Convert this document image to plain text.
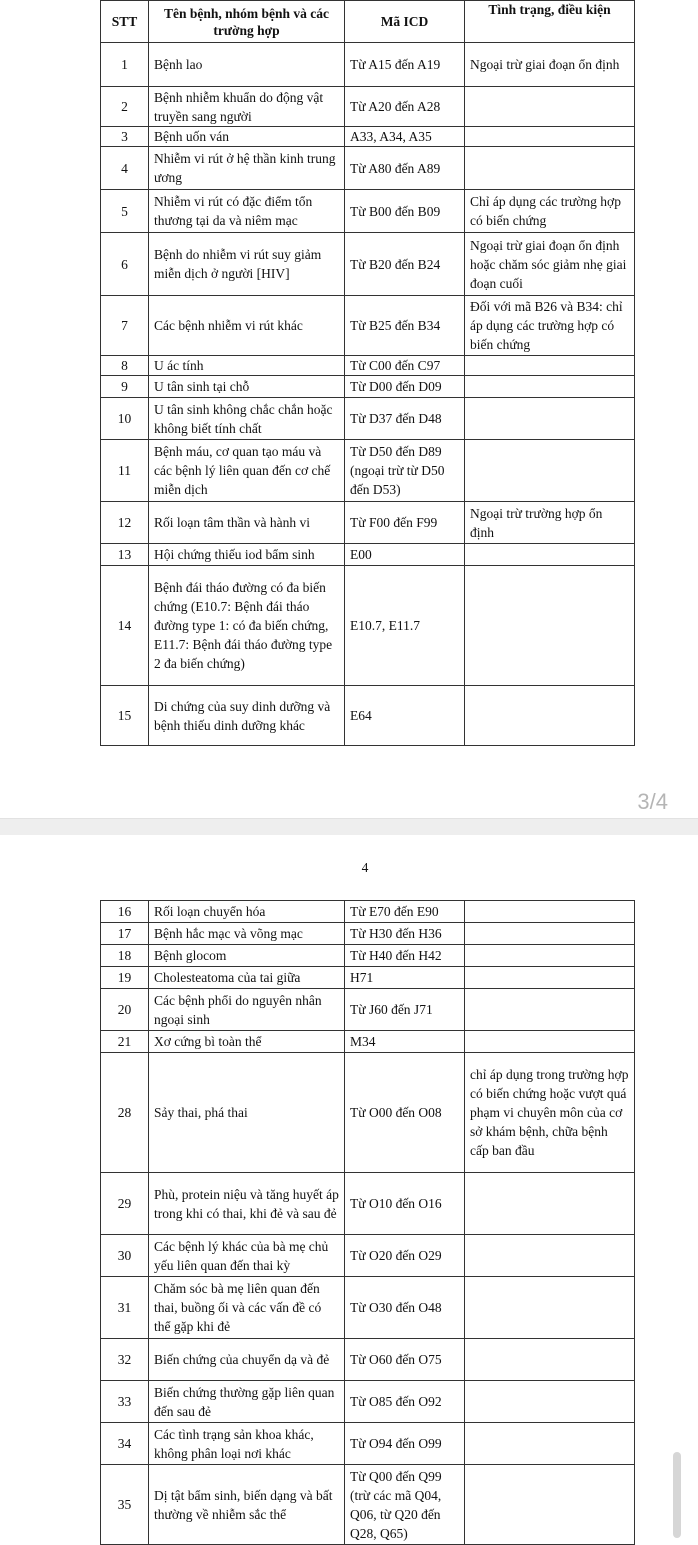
STT	Tên bệnh, nhóm bệnh và các trường hợp	Mã ICD	Tình trạng, điều kiện
1	Bệnh lao	Từ A15 đến A19	Ngoại trừ giai đoạn ổn định
2	Bệnh nhiễm khuẩn do động vật truyền sang người	Từ A20 đến A28	
3	Bệnh uốn ván	A33, A34, A35	
4	Nhiễm vi rút ở hệ thần kinh trung ương	Từ A80 đến A89	
5	Nhiễm vi rút có đặc điểm tổn thương tại da và niêm mạc	Từ B00 đến B09	Chỉ áp dụng các trường hợp có biến chứng
6	Bệnh do nhiễm vi rút suy giảm miễn dịch ở người [HIV]	Từ B20 đến B24	Ngoại trừ giai đoạn ổn định hoặc chăm sóc giảm nhẹ giai đoạn cuối
7	Các bệnh nhiễm vi rút khác	Từ B25 đến B34	Đối với mã B26 và B34: chỉ áp dụng các trường hợp có biến chứng
8	U ác tính	Từ C00 đến C97	
9	U tân sinh tại chỗ	Từ D00 đến D09	
10	U tân sinh không chắc chắn hoặc không biết tính chất	Từ D37 đến D48	
11	Bệnh máu, cơ quan tạo máu và các bệnh lý liên quan đến cơ chế miễn dịch	Từ D50 đến D89 (ngoại trừ từ D50 đến D53)	
12	Rối loạn tâm thần và hành vi	Từ F00 đến F99	Ngoại trừ trường hợp ổn định
13	Hội chứng thiếu iod bẩm sinh	E00	
14	Bệnh đái tháo đường có đa biến chứng (E10.7: Bệnh đái tháo đường type 1: có đa biến chứng, E11.7: Bệnh đái tháo đường type 2 đa biến chứng)	E10.7, E11.7	
15	Di chứng của suy dinh dưỡng và bệnh thiếu dinh dưỡng khác	E64	
3/4
4
16	Rối loạn chuyển hóa	Từ E70 đến E90	
17	Bệnh hắc mạc và võng mạc	Từ H30 đến H36	
18	Bệnh glocom	Từ H40 đến H42	
19	Cholesteatoma của tai giữa	H71	
20	Các bệnh phổi do nguyên nhân ngoại sinh	Từ J60 đến J71	
21	Xơ cứng bì toàn thể	M34	
28	Sảy thai, phá thai	Từ O00 đến O08	chỉ áp dụng trong trường hợp có biến chứng hoặc vượt quá phạm vi chuyên môn của cơ sở khám bệnh, chữa bệnh cấp ban đầu
29	Phù, protein niệu và tăng huyết áp trong khi có thai, khi đẻ và sau đẻ	Từ O10 đến O16	
30	Các bệnh lý khác của bà mẹ chủ yếu liên quan đến thai kỳ	Từ O20 đến O29	
31	Chăm sóc bà mẹ liên quan đến thai, buồng ối và các vấn đề có thể gặp khi đẻ	Từ O30 đến O48	
32	Biến chứng của chuyển dạ và đẻ	Từ O60 đến O75	
33	Biến chứng thường gặp liên quan đến sau đẻ	Từ O85 đến O92	
34	Các tình trạng sản khoa khác, không phân loại nơi khác	Từ O94 đến O99	
35	Dị tật bẩm sinh, biến dạng và bất thường về nhiễm sắc thể	Từ Q00 đến Q99 (trừ các mã Q04, Q06, từ Q20 đến Q28, Q65)	
